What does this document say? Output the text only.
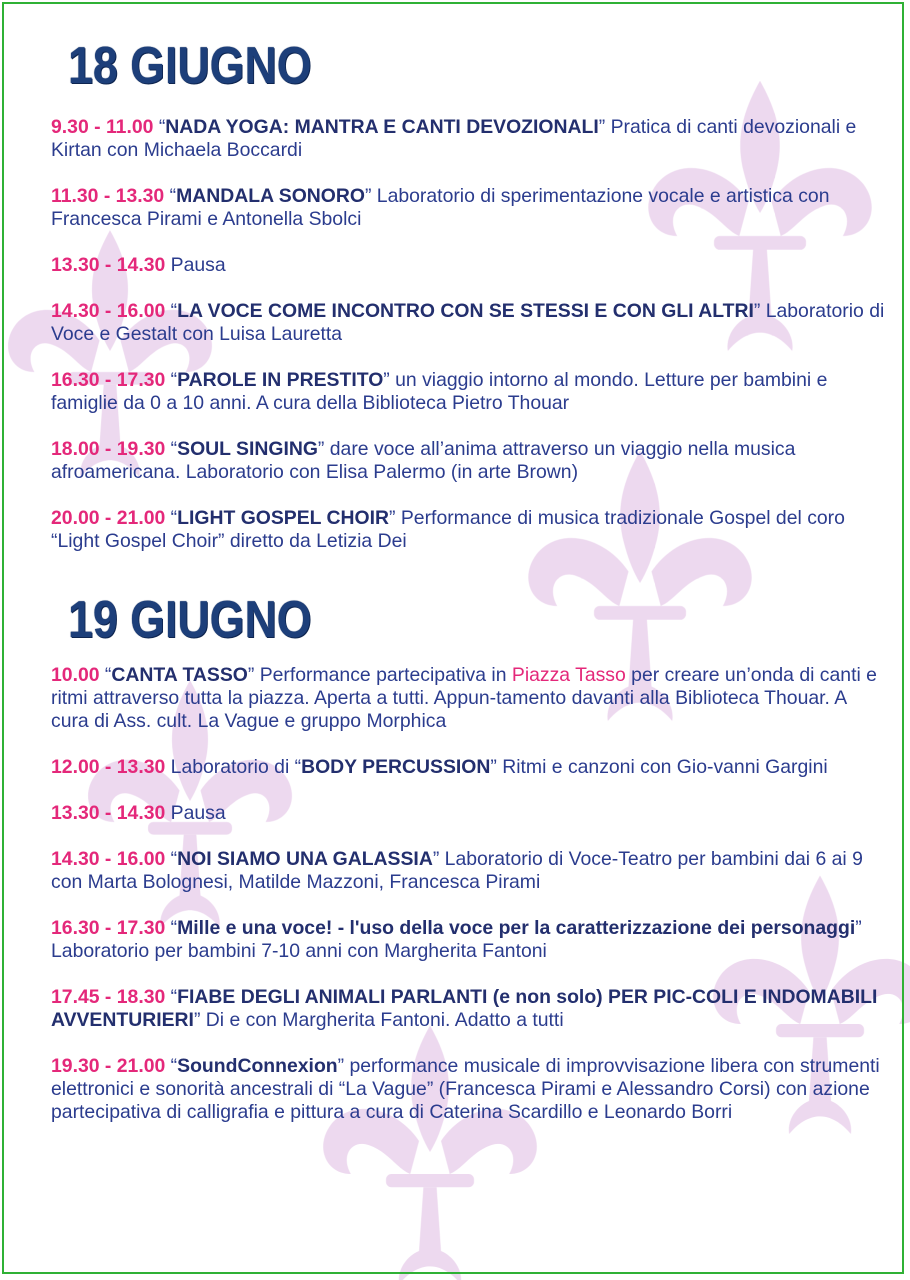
18 GIUGNO
9.30 - 11.00 “NADA YOGA: MANTRA E CANTI DEVOZIONALI” Pratica di canti devozionali e Kirtan con Michaela Boccardi
11.30 - 13.30 “MANDALA SONORO” Laboratorio di sperimentazione vocale e artistica con Francesca Pirami e Antonella Sbolci
13.30 - 14.30 Pausa
14.30 - 16.00 “LA VOCE COME INCONTRO CON SE STESSI E CON GLI ALTRI” Laboratorio di Voce e Gestalt con Luisa Lauretta
16.30 - 17.30 “PAROLE IN PRESTITO” un viaggio intorno al mondo. Letture per bambini e famiglie da 0 a 10 anni. A cura della Biblioteca Pietro Thouar
18.00 - 19.30 “SOUL SINGING” dare voce all’anima attraverso un viaggio nella musica afroamericana. Laboratorio con Elisa Palermo (in arte Brown)
20.00 - 21.00 “LIGHT GOSPEL CHOIR” Performance di musica tradizionale Gospel del coro “Light Gospel Choir” diretto da Letizia Dei
19 GIUGNO
10.00 “CANTA TASSO” Performance partecipativa in Piazza Tasso per creare un’onda di canti e ritmi attraverso tutta la piazza. Aperta a tutti. Appun-tamento davanti alla Biblioteca Thouar. A cura di Ass. cult. La Vague e gruppo Morphica
12.00 - 13.30 Laboratorio di “BODY PERCUSSION” Ritmi e canzoni con Gio-vanni Gargini
13.30 - 14.30 Pausa
14.30 - 16.00 “NOI SIAMO UNA GALASSIA” Laboratorio di Voce-Teatro per bambini dai 6 ai 9 con Marta Bolognesi, Matilde Mazzoni, Francesca Pirami
16.30 - 17.30 “Mille e una voce! - l'uso della voce per la caratterizzazione dei personaggi” Laboratorio per bambini 7-10 anni con Margherita Fantoni
17.45 - 18.30 “FIABE DEGLI ANIMALI PARLANTI (e non solo) PER PIC-COLI E INDOMABILI AVVENTURIERI” Di e con Margherita Fantoni. Adatto a tutti
19.30 - 21.00 “SoundConnexion” performance musicale di improvvisazione libera con strumenti elettronici e sonorità ancestrali di “La Vague” (Francesca Pirami e Alessandro Corsi) con azione partecipativa di calligrafia e pittura a cura di Caterina Scardillo e Leonardo Borri
